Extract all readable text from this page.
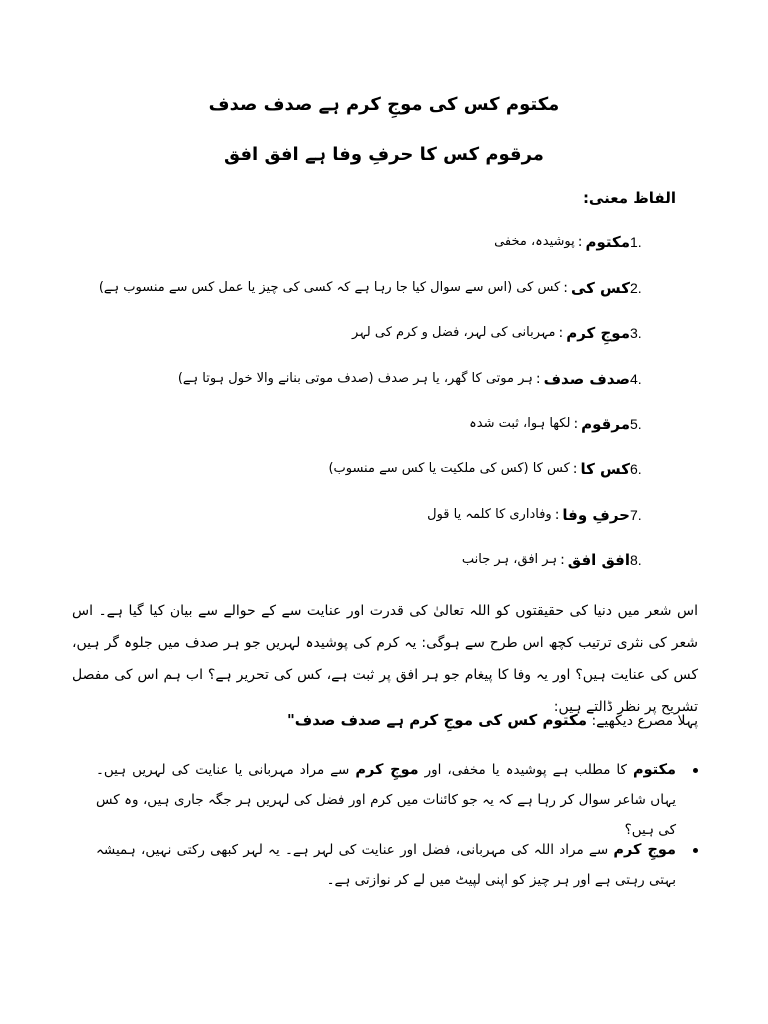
مکتوم کس کی موجِ کرم ہے صدف صدف
مرقوم کس کا حرفِ وفا ہے افق افق
الفاظ معنی:
1.
مکتوم
:
پوشیدہ، مخفی
2.
کس کی
:
کس کی (اس سے سوال کیا جا رہا ہے کہ کسی کی چیز یا عمل کس سے منسوب ہے)
3.
موجِ کرم
:
مہربانی کی لہر، فضل و کرم کی لہر
4.
صدف صدف
:
ہر موتی کا گھر، یا ہر صدف (صدف موتی بنانے والا خول ہوتا ہے)
5.
مرقوم
:
لکھا ہوا، ثبت شدہ
6.
کس کا
:
کس کا (کس کی ملکیت یا کس سے منسوب)
7.
حرفِ وفا
:
وفاداری کا کلمہ یا قول
8.
افق افق
:
ہر افق، ہر جانب
اس شعر میں دنیا کی حقیقتوں کو اللہ تعالیٰ کی قدرت اور عنایت سے کے حوالے سے بیان کیا گیا ہے۔ اس شعر کی نثری ترتیب کچھ اس طرح سے ہوگی: یہ کرم کی پوشیدہ لہریں جو ہر صدف میں جلوہ گر ہیں، کس کی عنایت ہیں؟ اور یہ وفا کا پیغام جو ہر افق پر ثبت ہے، کس کی تحریر ہے؟ اب ہم اس کی مفصل تشریح پر نظر ڈالتے ہیں:
پہلا مصرع دیکھیے: مکتوم کس کی موجِ کرم ہے صدف صدف"
مکتوم کا مطلب ہے پوشیدہ یا مخفی، اور موجِ کرم سے مراد مہربانی یا عنایت کی لہریں ہیں۔ یہاں شاعر سوال کر رہا ہے کہ یہ جو کائنات میں کرم اور فضل کی لہریں ہر جگہ جاری ہیں، وہ کس کی ہیں؟
موجِ کرم سے مراد اللہ کی مہربانی، فضل اور عنایت کی لہر ہے۔ یہ لہر کبھی رکتی نہیں، ہمیشہ بہتی رہتی ہے اور ہر چیز کو اپنی لپیٹ میں لے کر نوازتی ہے۔
